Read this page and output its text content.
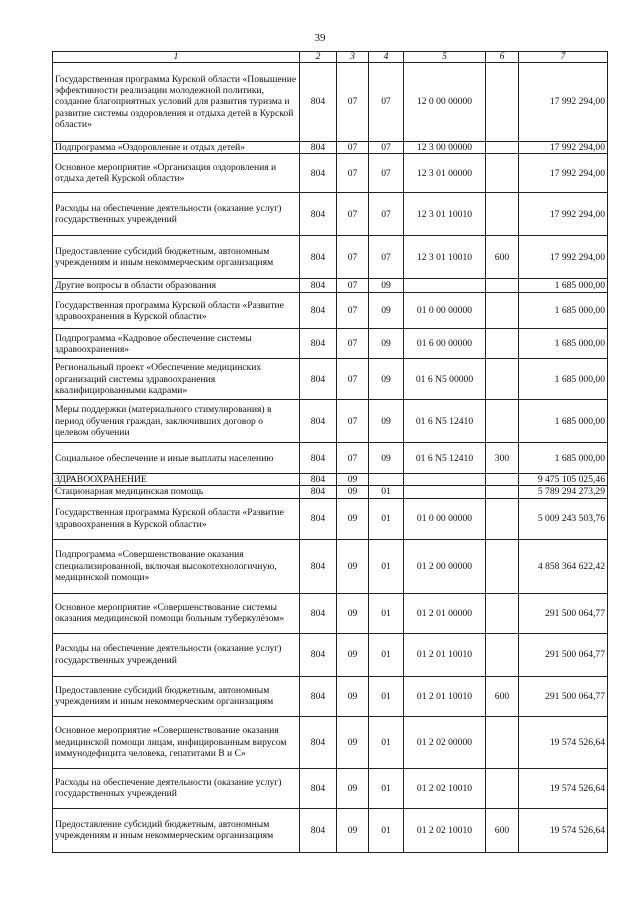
39
1	2	3	4	5	6	7
Государственная программа Курской области «Повышение эффективности реализации молодежной политики, создание благоприятных условий для развития туризма и развитие системы оздоровления и отдыха детей в Курской области»	804	07	07	12 0 00 00000		17 992 294,00
Подпрограмма «Оздоровление и отдых детей»	804	07	07	12 3 00 00000		17 992 294,00
Основное мероприятие «Организация оздоровления и отдыха детей Курской области»	804	07	07	12 3 01 00000		17 992 294,00
Расходы на обеспечение деятельности (оказание услуг) государственных учреждений	804	07	07	12 3 01 10010		17 992 294,00
Предоставление субсидий бюджетным, автономным учреждениям и иным некоммерческим организациям	804	07	07	12 3 01 10010	600	17 992 294,00
Другие вопросы в области образования	804	07	09			1 685 000,00
Государственная программа Курской области «Развитие здравоохранения в Курской области»	804	07	09	01 0 00 00000		1 685 000,00
Подпрограмма «Кадровое обеспечение системы здравоохранения»	804	07	09	01 6 00 00000		1 685 000,00
Региональный проект «Обеспечение медицинских организаций системы здравоохранения квалифицированными кадрами»	804	07	09	01 6 N5 00000		1 685 000,00
Меры поддержки (материального стимулирования) в период обучения граждан, заключивших договор о целевом обучении	804	07	09	01 6 N5 12410		1 685 000,00
Социальное обеспечение и иные выплаты населению	804	07	09	01 6 N5 12410	300	1 685 000,00
ЗДРАВООХРАНЕНИЕ	804	09				9 475 105 025,46
Стационарная медицинская помощь	804	09	01			5 789 294 273,29
Государственная программа Курской области «Развитие здравоохранения в Курской области»	804	09	01	01 0 00 00000		5 009 243 503,76
Подпрограмма «Совершенствование оказания специализированной, включая высокотехнологичную, медицинской помощи»	804	09	01	01 2 00 00000		4 858 364 622,42
Основное мероприятие «Совершенствование системы оказания медицинской помощи больным туберкулёзом»	804	09	01	01 2 01 00000		291 500 064,77
Расходы на обеспечение деятельности (оказание услуг) государственных учреждений	804	09	01	01 2 01 10010		291 500 064,77
Предоставление субсидий бюджетным, автономным учреждениям и иным некоммерческим организациям	804	09	01	01 2 01 10010	600	291 500 064,77
Основное мероприятие «Совершенствование оказания медицинской помощи лицам, инфицированным вирусом иммунодефицита человека, гепатитами B и C»	804	09	01	01 2 02 00000		19 574 526,64
Расходы на обеспечение деятельности (оказание услуг) государственных учреждений	804	09	01	01 2 02 10010		19 574 526,64
Предоставление субсидий бюджетным, автономным учреждениям и иным некоммерческим организациям	804	09	01	01 2 02 10010	600	19 574 526,64
